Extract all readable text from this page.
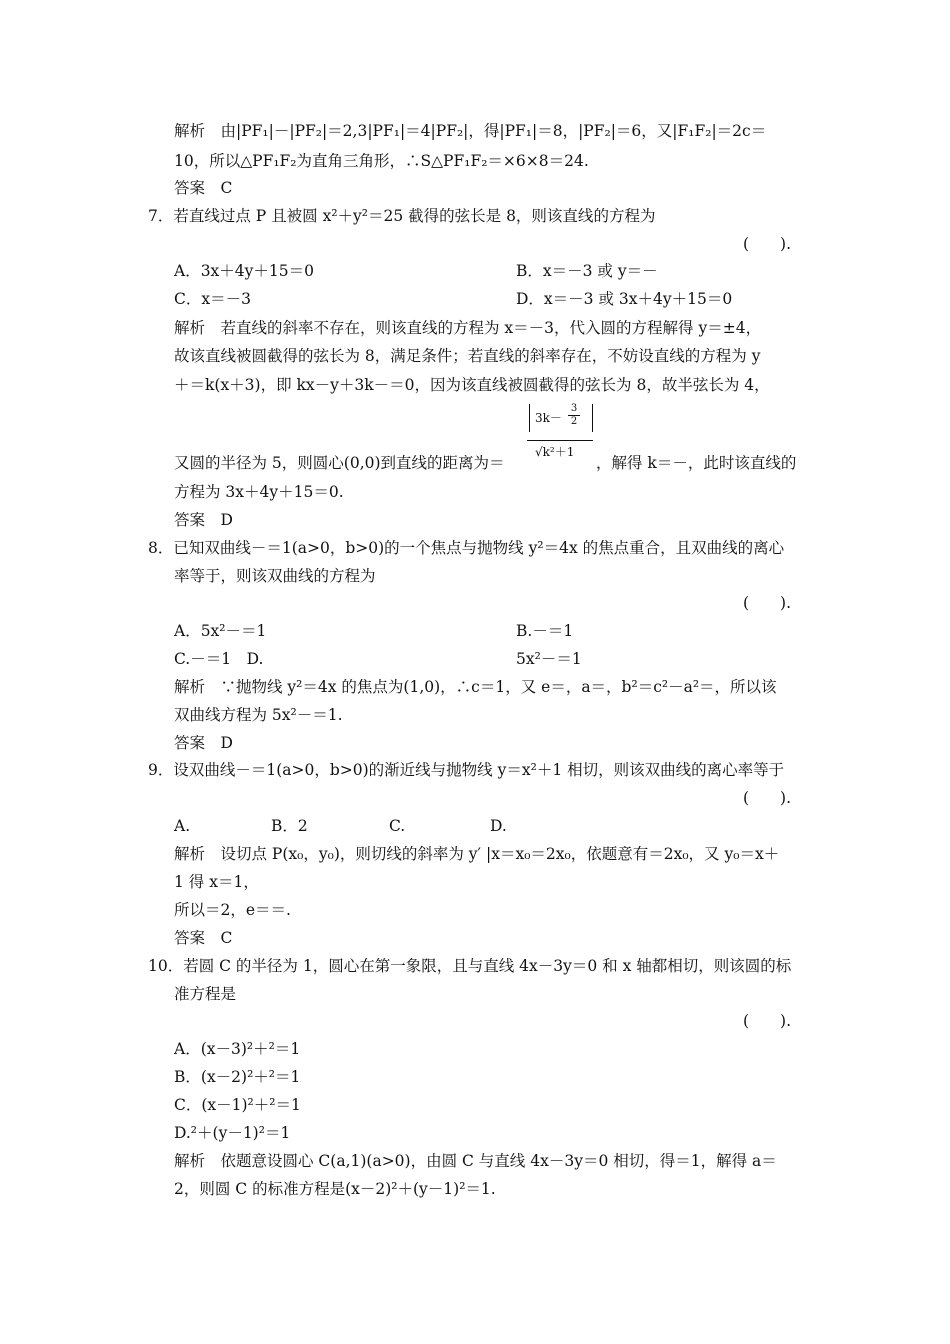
解析　由|PF₁|－|PF₂|＝2,3|PF₁|＝4|PF₂|，得|PF₁|＝8，|PF₂|＝6，又|F₁F₂|＝2c＝
10，所以△PF₁F₂为直角三角形，∴S△PF₁F₂＝×6×8＝24.
答案　C
7．若直线过点 P 且被圆 x²＋y²＝25 截得的弦长是 8，则该直线的方程为
(　　).
A．3x＋4y＋15＝0	B．x＝－3 或 y＝－
C．x＝－3	D．x＝－3 或 3x＋4y＋15＝0
解析　若直线的斜率不存在，则该直线的方程为 x＝－3，代入圆的方程解得 y＝±4，
故该直线被圆截得的弦长为 8，满足条件；若直线的斜率存在，不妨设直线的方程为 y
＋＝k(x＋3)，即 kx－y＋3k－＝0，因为该直线被圆截得的弦长为 8，故半弦长为 4，
3k－
3
2
√k²＋1
又圆的半径为 5，则圆心(0,0)到直线的距离为＝	，解得 k＝－，此时该直线的
方程为 3x＋4y＋15＝0.
答案　D
8．已知双曲线－＝1(a>0，b>0)的一个焦点与抛物线 y²＝4x 的焦点重合，且双曲线的离心
率等于，则该双曲线的方程为
(　　).
A．5x²－＝1	B.－＝1
C.－＝1　D.	5x²－＝1
解析　∵抛物线 y²＝4x 的焦点为(1,0)，∴c＝1，又 e＝，a＝，b²＝c²－a²＝，所以该
双曲线方程为 5x²－＝1.
答案　D
9．设双曲线－＝1(a>0，b>0)的渐近线与抛物线 y＝x²＋1 相切，则该双曲线的离心率等于
(　　).
A.	B．2	C.	D.
解析　设切点 P(x₀，y₀)，则切线的斜率为 y′ |x＝x₀＝2x₀，依题意有＝2x₀，又 y₀＝x＋
1 得 x＝1，
所以＝2，e＝＝.
答案　C
10．若圆 C 的半径为 1，圆心在第一象限，且与直线 4x－3y＝0 和 x 轴都相切，则该圆的标
准方程是
(　　).
A．(x－3)²＋²＝1
B．(x－2)²＋²＝1
C．(x－1)²＋²＝1
D.²＋(y－1)²＝1
解析　依题意设圆心 C(a,1)(a>0)，由圆 C 与直线 4x－3y＝0 相切，得＝1，解得 a＝
2，则圆 C 的标准方程是(x－2)²＋(y－1)²＝1.
